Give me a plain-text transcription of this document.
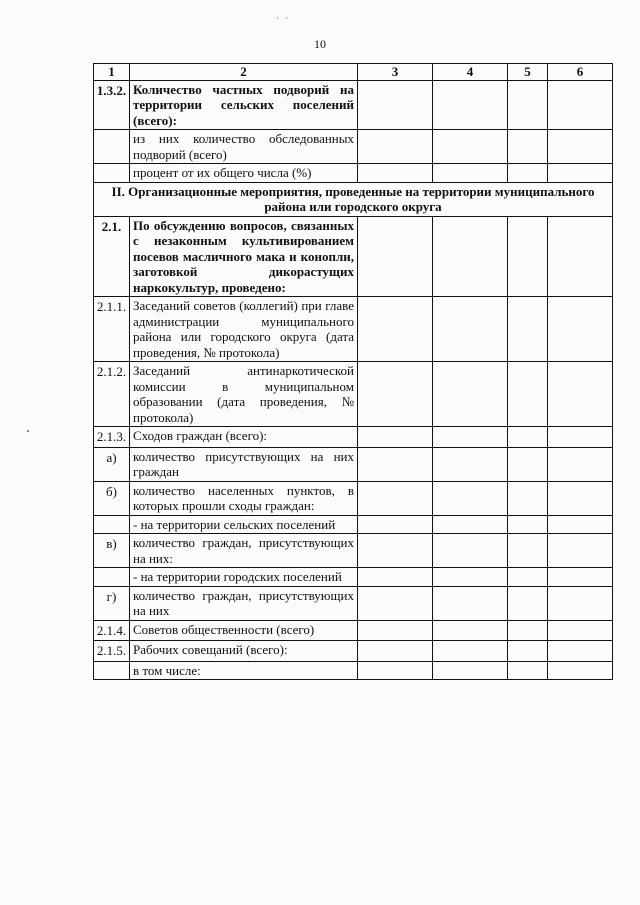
· ·
10
1	2	3	4	5	6
1.3.2.	Количество частных подворий на территории сельских поселений (всего):				
	из них количество обследованных подворий (всего)				
	процент от их общего числа (%)				
II. Организационные мероприятия, проведенные на территории муниципального района или городского округа					
2.1.	По обсуждению вопросов, связанных с незаконным культивированием посевов масличного мака и конопли, заготовкой дикорастущих наркокультур, проведено:				
2.1.1.	Заседаний советов (коллегий) при главе администрации муниципального района или городского округа (дата проведения, № протокола)				
2.1.2.	Заседаний антинаркотической комиссии в муниципальном образовании (дата проведения, № протокола)				
2.1.3.	Сходов граждан (всего):				
а)	количество присутствующих на них граждан				
б)	количество населенных пунктов, в которых прошли сходы граждан:				
	- на территории сельских поселений				
в)	количество граждан, присутствующих на них:				
	- на территории городских поселений				
г)	количество граждан, присутствующих на них				
2.1.4.	Советов общественности (всего)				
2.1.5.	Рабочих совещаний (всего):				
	в том числе:				
